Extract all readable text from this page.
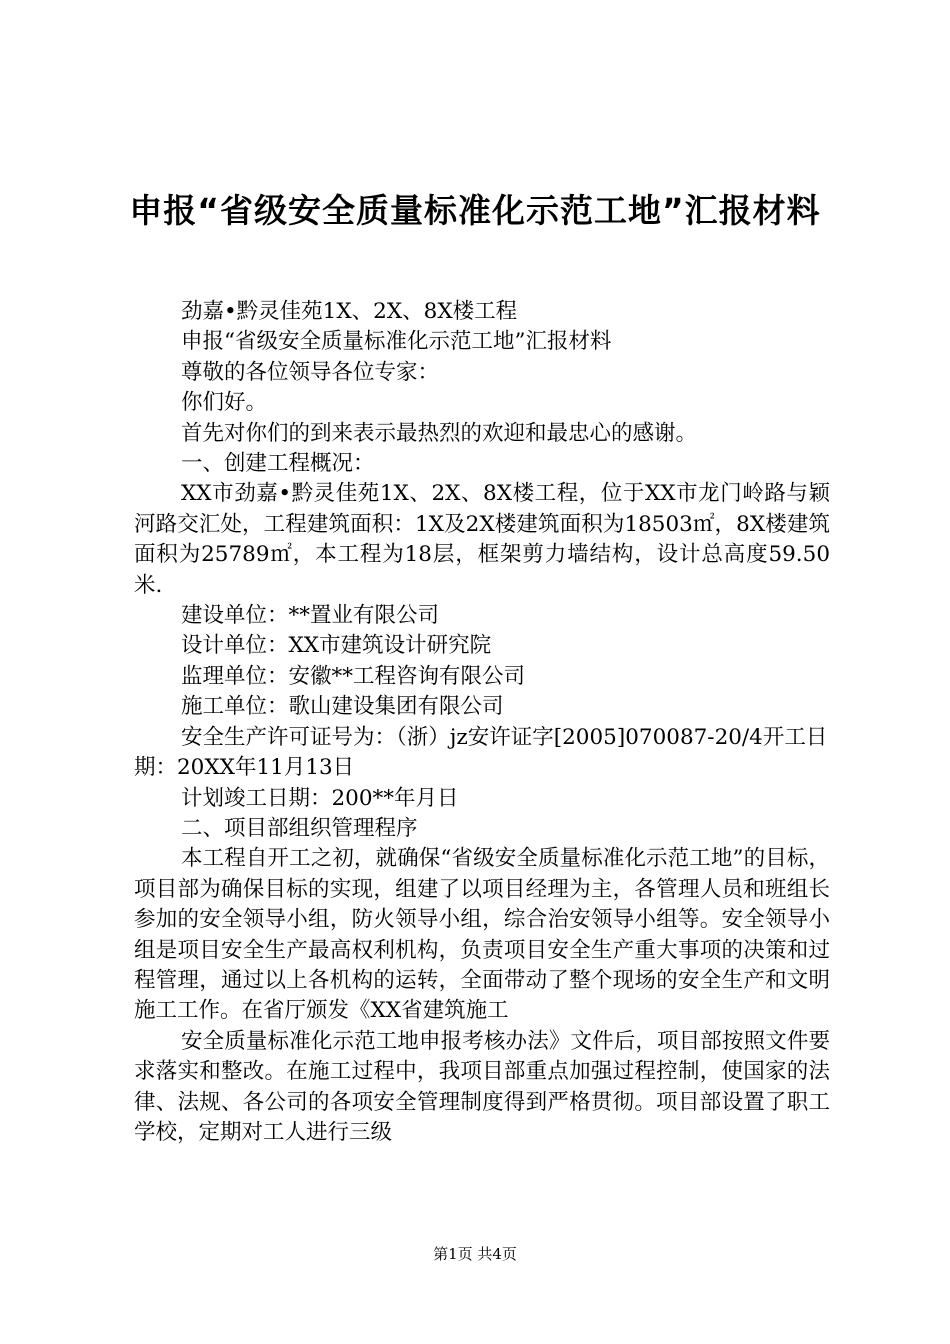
申报“省级安全质量标准化示范工地”汇报材料

劲嘉•黔灵佳苑1X、2X、8X楼工程

申报“省级安全质量标准化示范工地”汇报材料

尊敬的各位领导各位专家：

你们好。

首先对你们的到来表示最热烈的欢迎和最忠心的感谢。

一、创建工程概况：

XX市劲嘉•黔灵佳苑1X、2X、8X楼工程，位于XX市龙门岭路与颖河路交汇处，工程建筑面积：1X及2X楼建筑面积为18503㎡，8X楼建筑面积为25789㎡，本工程为18层，框架剪力墙结构，设计总高度59.50米.

建设单位：**置业有限公司

设计单位：XX市建筑设计研究院

监理单位：安徽**工程咨询有限公司

施工单位：歌山建设集团有限公司

安全生产许可证号为：（浙）jz安许证字[2005]070087-20/4开工日期：20XX年11月13日

计划竣工日期：200**年月日

二、项目部组织管理程序

本工程自开工之初，就确保“省级安全质量标准化示范工地”的目标，项目部为确保目标的实现，组建了以项目经理为主，各管理人员和班组长参加的安全领导小组，防火领导小组，综合治安领导小组等。安全领导小组是项目安全生产最高权利机构，负责项目安全生产重大事项的决策和过程管理，通过以上各机构的运转，全面带动了整个现场的安全生产和文明施工工作。在省厅颁发《XX省建筑施工

安全质量标准化示范工地申报考核办法》文件后，项目部按照文件要求落实和整改。在施工过程中，我项目部重点加强过程控制，使国家的法律、法规、各公司的各项安全管理制度得到严格贯彻。项目部设置了职工学校，定期对工人进行三级

第1页 共4页
